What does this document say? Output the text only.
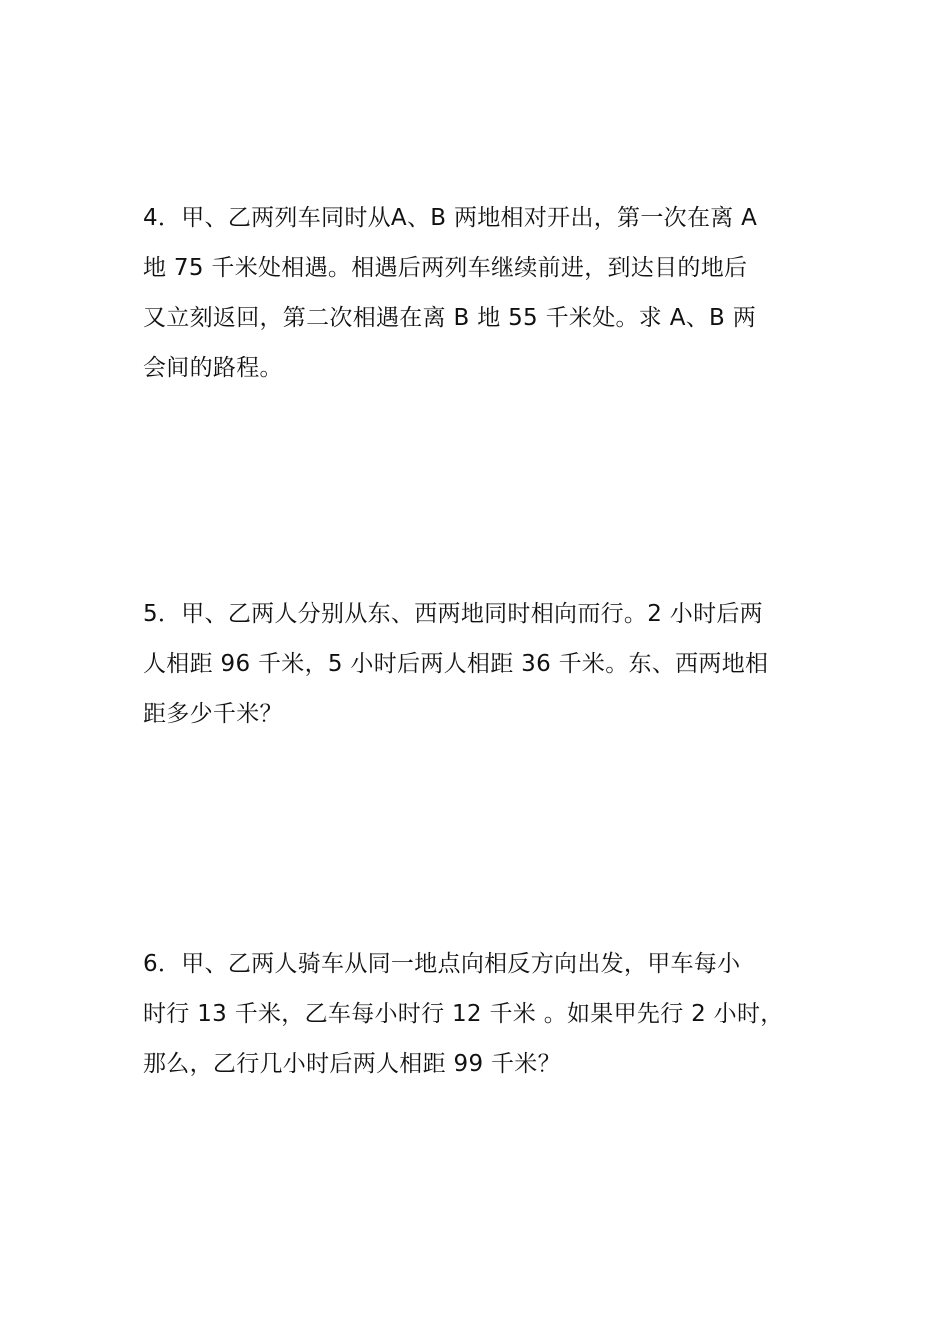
4．甲、乙两列车同时从A、B 两地相对开出，第一次在离 A
地 75 千米处相遇。相遇后两列车继续前进，到达目的地后
又立刻返回，第二次相遇在离 B 地 55 千米处。求 A、B 两
会间的路程。
5．甲、乙两人分别从东、西两地同时相向而行。2 小时后两
人相距 96 千米，5 小时后两人相距 36 千米。东、西两地相
距多少千米？
6．甲、乙两人骑车从同一地点向相反方向出发，甲车每小
时行 13 千米，乙车每小时行 12 千米 。如果甲先行 2 小时，
那么，乙行几小时后两人相距 99 千米？
